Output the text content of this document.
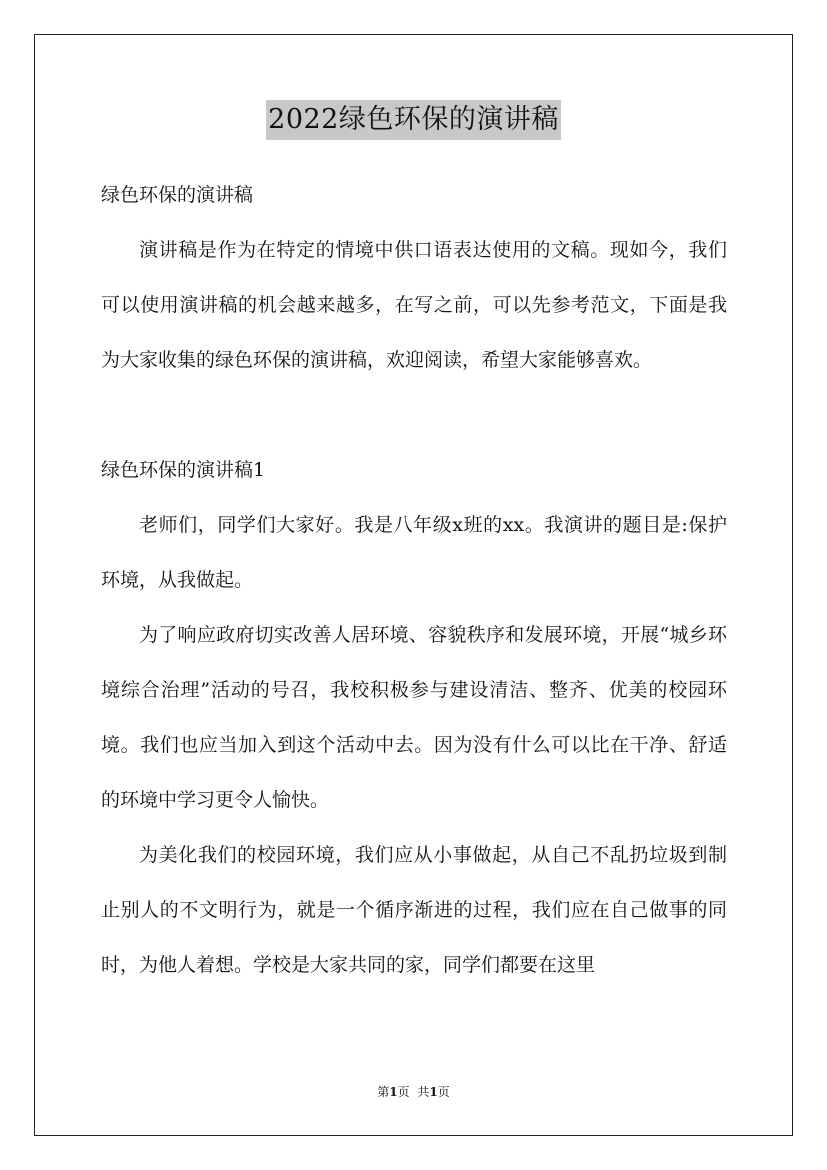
2022绿色环保的演讲稿

绿色环保的演讲稿

演讲稿是作为在特定的情境中供口语表达使用的文稿。现如今，我们可以使用演讲稿的机会越来越多，在写之前，可以先参考范文，下面是我为大家收集的绿色环保的演讲稿，欢迎阅读，希望大家能够喜欢。

绿色环保的演讲稿1

老师们，同学们大家好。我是八年级x班的xx。我演讲的题目是:保护环境，从我做起。

为了响应政府切实改善人居环境、容貌秩序和发展环境，开展“城乡环境综合治理”活动的号召，我校积极参与建设清洁、整齐、优美的校园环境。我们也应当加入到这个活动中去。因为没有什么可以比在干净、舒适的环境中学习更令人愉快。

为美化我们的校园环境，我们应从小事做起，从自己不乱扔垃圾到制止别人的不文明行为，就是一个循序渐进的过程，我们应在自己做事的同时，为他人着想。学校是大家共同的家，同学们都要在这里

第1页 共1页
